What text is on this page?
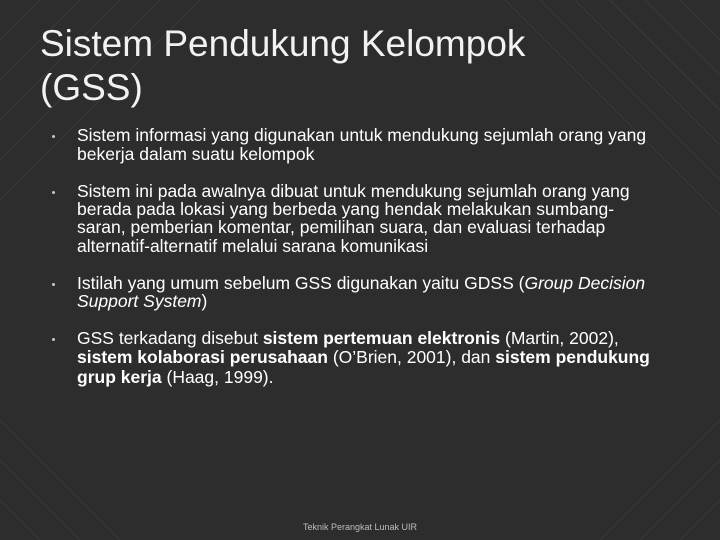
Sistem Pendukung Kelompok
(GSS)
Sistem informasi yang digunakan untuk mendukung sejumlah orang yang bekerja dalam suatu kelompok
Sistem ini pada awalnya dibuat untuk mendukung sejumlah orang yang berada pada lokasi yang berbeda yang hendak melakukan sumbang-saran, pemberian komentar, pemilihan suara, dan evaluasi terhadap alternatif-alternatif melalui sarana komunikasi
Istilah yang umum sebelum GSS digunakan yaitu GDSS (Group Decision Support System)
GSS terkadang disebut sistem pertemuan elektronis (Martin, 2002), sistem kolaborasi perusahaan (O’Brien, 2001), dan sistem pendukung grup kerja (Haag, 1999).
Teknik Perangkat Lunak UIR
